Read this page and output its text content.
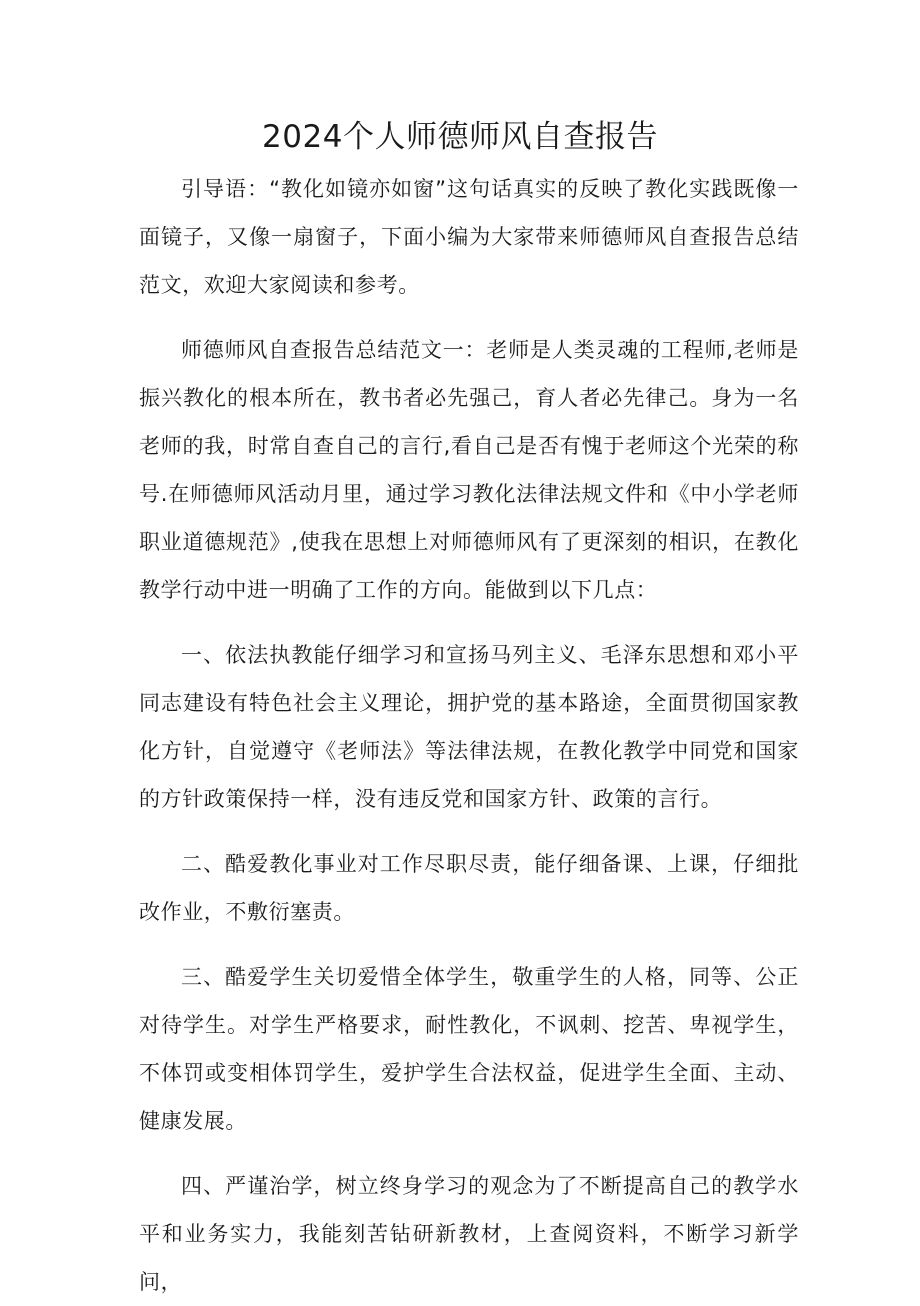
2024个人师德师风自查报告

引导语：“教化如镜亦如窗”这句话真实的反映了教化实践既像一面镜子，又像一扇窗子，下面小编为大家带来师德师风自查报告总结范文，欢迎大家阅读和参考。

师德师风自查报告总结范文一：老师是人类灵魂的工程师,老师是振兴教化的根本所在，教书者必先强己，育人者必先律己。身为一名老师的我，时常自查自己的言行,看自己是否有愧于老师这个光荣的称号.在师德师风活动月里，通过学习教化法律法规文件和《中小学老师职业道德规范》,使我在思想上对师德师风有了更深刻的相识，在教化教学行动中进一明确了工作的方向。能做到以下几点：

一、依法执教能仔细学习和宣扬马列主义、毛泽东思想和邓小平同志建设有特色社会主义理论，拥护党的基本路途，全面贯彻国家教化方针，自觉遵守《老师法》等法律法规，在教化教学中同党和国家的方针政策保持一样，没有违反党和国家方针、政策的言行。

二、酷爱教化事业对工作尽职尽责，能仔细备课、上课，仔细批改作业，不敷衍塞责。

三、酷爱学生关切爱惜全体学生，敬重学生的人格，同等、公正对待学生。对学生严格要求，耐性教化，不讽刺、挖苦、卑视学生，不体罚或变相体罚学生，爱护学生合法权益，促进学生全面、主动、健康发展。

四、严谨治学，树立终身学习的观念为了不断提高自己的教学水平和业务实力，我能刻苦钻研新教材，上查阅资料，不断学习新学问，
